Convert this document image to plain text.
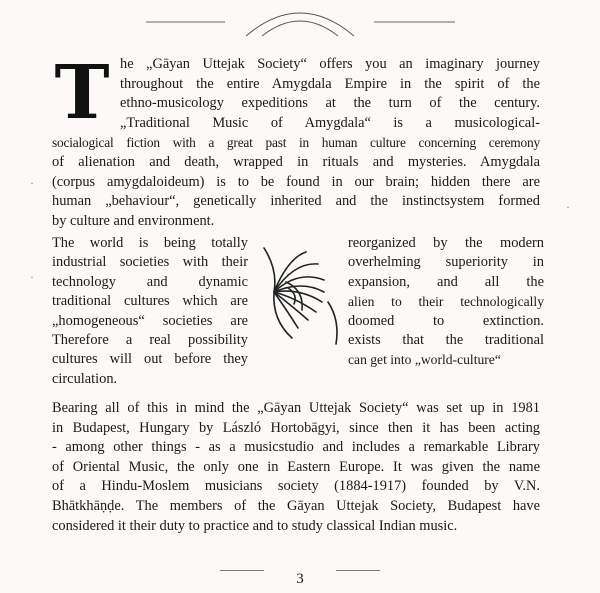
T he „Gāyan Uttejak Society“ offers you an imaginary journey
throughout the entire Amygdala Empire in the spirit of the
ethno-musicology expeditions at the turn of the century.
„Traditional Music of Amygdala“ is a musicological-
socialogical fiction with a great past in human culture concerning ceremony
of alienation and death, wrapped in rituals and mysteries. Amygdala
(corpus amygdaloideum) is to be found in our brain; hidden there are
human „behaviour“, genetically inherited and the instinctsystem formed
by culture and environment.
The world is being totally
industrial societies with their
technology and dynamic
traditional cultures which are
„homogeneous“ societies are
Therefore a real possibility
cultures will out before they
circulation.
reorganized by the modern
overhelming superiority in
expansion, and all the
alien to their technologically
doomed to extinction.
exists that the traditional
can get into „world-culture“
Bearing all of this in mind the „Gāyan Uttejak Society“ was set up in 1981
in Budapest, Hungary by László Hortobāgyi, since then it has been acting
- among other things - as a musicstudio and includes a remarkable Library
of Oriental Music, the only one in Eastern Europe. It was given the name
of a Hindu-Moslem musicians society (1884-1917) founded by V.N.
Bhātkhāṇḍe. The members of the Gāyan Uttejak Society, Budapest have
considered it their duty to practice and to study classical Indian music.
3
·
·
·
